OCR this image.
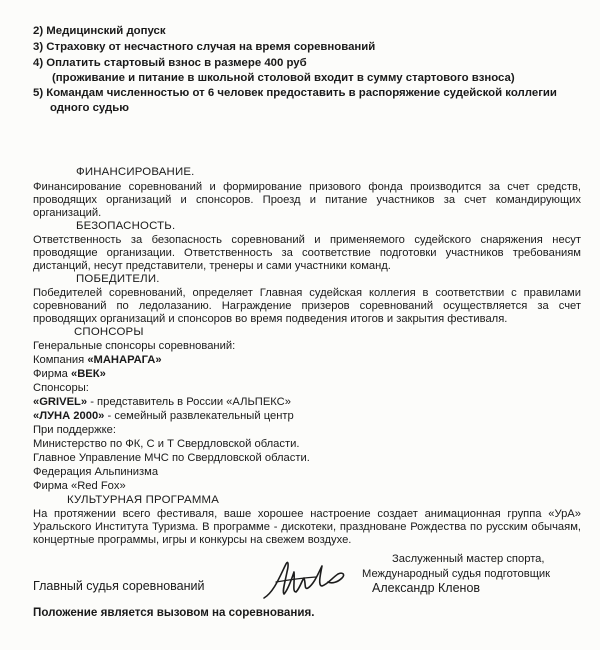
2) Медицинский допуск
3) Страховку от несчастного случая на время соревнований
4) Оплатить стартовый взнос в размере 400 руб
(проживание и питание в школьной столовой входит в сумму стартового взноса)
5) Командам численностью от 6 человек предоставить в распоряжение судейской коллегии
одного судью
ФИНАНСИРОВАНИЕ.
Финансирование соревнований и формирование призового фонда производится за счет средств, проводящих организаций и спонсоров. Проезд и питание участников за счет командирующих организаций.
БЕЗОПАСНОСТЬ.
Ответственность за безопасность соревнований и применяемого судейского снаряжения несут проводящие организации. Ответственность за соответствие подготовки участников требованиям дистанций, несут представители, тренеры и сами участники команд.
ПОБЕДИТЕЛИ.
Победителей соревнований, определяет Главная судейская коллегия в соответствии с правилами соревнований по ледолазанию. Награждение призеров соревнований осуществляется за счет проводящих организаций и спонсоров во время подведения итогов и закрытия фестиваля.
СПОНСОРЫ
Генеральные спонсоры соревнований:
Компания «МАНАРАГА»
Фирма «ВЕК»
Спонсоры:
«GRIVEL» - представитель в России «АЛЬПЕКС»
«ЛУНА 2000» - семейный развлекательный центр
При поддержке:
Министерство по ФК, С и Т Свердловской области.
Главное Управление МЧС по Свердловской области.
Федерация Альпинизма
Фирма «Red Fox»
КУЛЬТУРНАЯ ПРОГРАММА
На протяжении всего фестиваля, ваше хорошее настроение создает анимационная группа «УрА» Уральского Института Туризма. В программе - дискотеки, праздноване Рождества по русским обычаям, концертные программы, игры и конкурсы на свежем воздухе.
Заслуженный мастер спорта,
Международный судья подготовщик
Главный судья соревнований	Александр Кленов
Положение является вызовом на соревнования.
